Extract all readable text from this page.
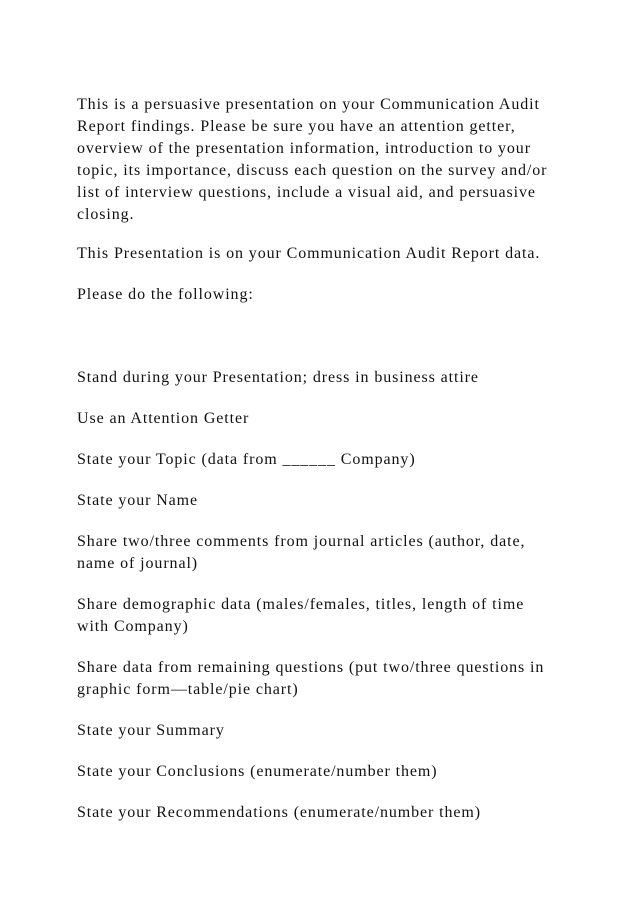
This is a persuasive presentation on your Communication Audit
Report findings. Please be sure you have an attention getter,
overview of the presentation information, introduction to your
topic, its importance, discuss each question on the survey and/or
list of interview questions, include a visual aid, and persuasive
closing.

This Presentation is on your Communication Audit Report data.

Please do the following:

Stand during your Presentation; dress in business attire

Use an Attention Getter

State your Topic (data from ______ Company)

State your Name

Share two/three comments from journal articles (author, date, name of journal)

Share demographic data (males/females, titles, length of time with Company)

Share data from remaining questions (put two/three questions in graphic form—table/pie chart)

State your Summary

State your Conclusions (enumerate/number them)

State your Recommendations (enumerate/number them)
